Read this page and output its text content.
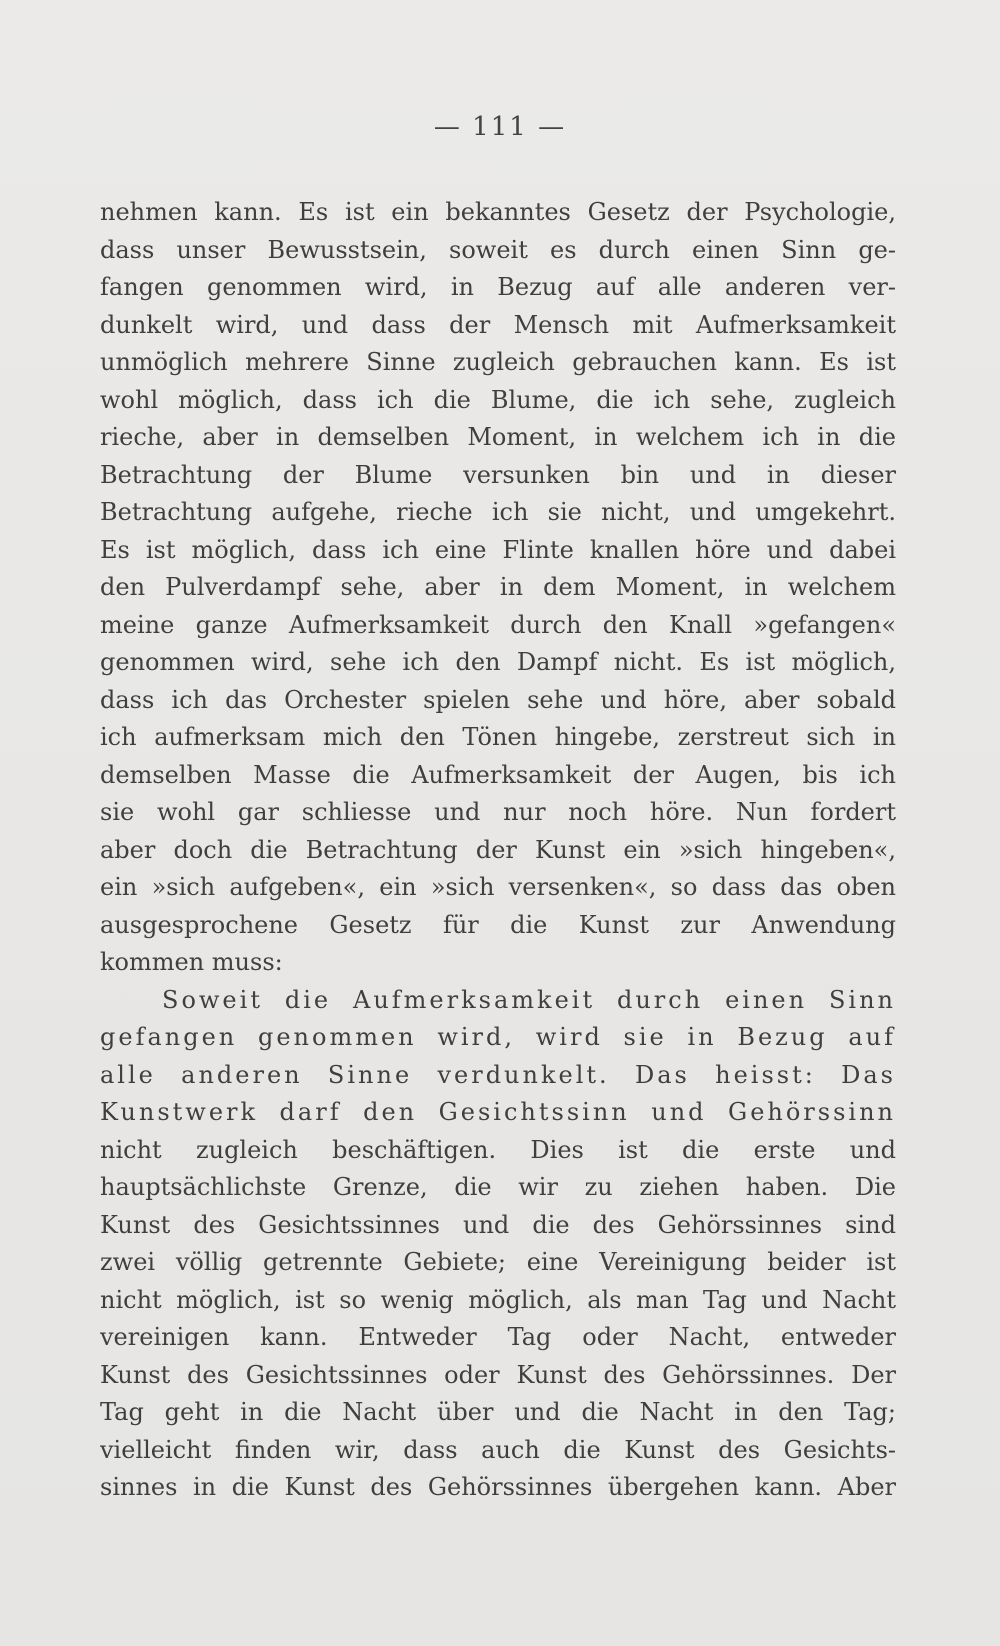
— 111 —
nehmen kann. Es ist ein bekanntes Gesetz der Psychologie,
dass unser Bewusstsein, soweit es durch einen Sinn ge-
fangen genommen wird, in Bezug auf alle anderen ver-
dunkelt wird, und dass der Mensch mit Aufmerksamkeit
unmöglich mehrere Sinne zugleich gebrauchen kann. Es ist
wohl möglich, dass ich die Blume, die ich sehe, zugleich
rieche, aber in demselben Moment, in welchem ich in die
Betrachtung der Blume versunken bin und in dieser
Betrachtung aufgehe, rieche ich sie nicht, und umgekehrt.
Es ist möglich, dass ich eine Flinte knallen höre und dabei
den Pulverdampf sehe, aber in dem Moment, in welchem
meine ganze Aufmerksamkeit durch den Knall »gefangen«
genommen wird, sehe ich den Dampf nicht. Es ist möglich,
dass ich das Orchester spielen sehe und höre, aber sobald
ich aufmerksam mich den Tönen hingebe, zerstreut sich in
demselben Masse die Aufmerksamkeit der Augen, bis ich
sie wohl gar schliesse und nur noch höre. Nun fordert
aber doch die Betrachtung der Kunst ein »sich hingeben«,
ein »sich aufgeben«, ein »sich versenken«, so dass das oben
ausgesprochene Gesetz für die Kunst zur Anwendung
kommen muss:
Soweit die Aufmerksamkeit durch einen Sinn
gefangen genommen wird, wird sie in Bezug auf
alle anderen Sinne verdunkelt. Das heisst: Das
Kunstwerk darf den Gesichtssinn und Gehörssinn
nicht zugleich beschäftigen. Dies ist die erste und
hauptsächlichste Grenze, die wir zu ziehen haben. Die
Kunst des Gesichtssinnes und die des Gehörssinnes sind
zwei völlig getrennte Gebiete; eine Vereinigung beider ist
nicht möglich, ist so wenig möglich, als man Tag und Nacht
vereinigen kann. Entweder Tag oder Nacht, entweder
Kunst des Gesichtssinnes oder Kunst des Gehörssinnes. Der
Tag geht in die Nacht über und die Nacht in den Tag;
vielleicht finden wir, dass auch die Kunst des Gesichts-
sinnes in die Kunst des Gehörssinnes übergehen kann. Aber
